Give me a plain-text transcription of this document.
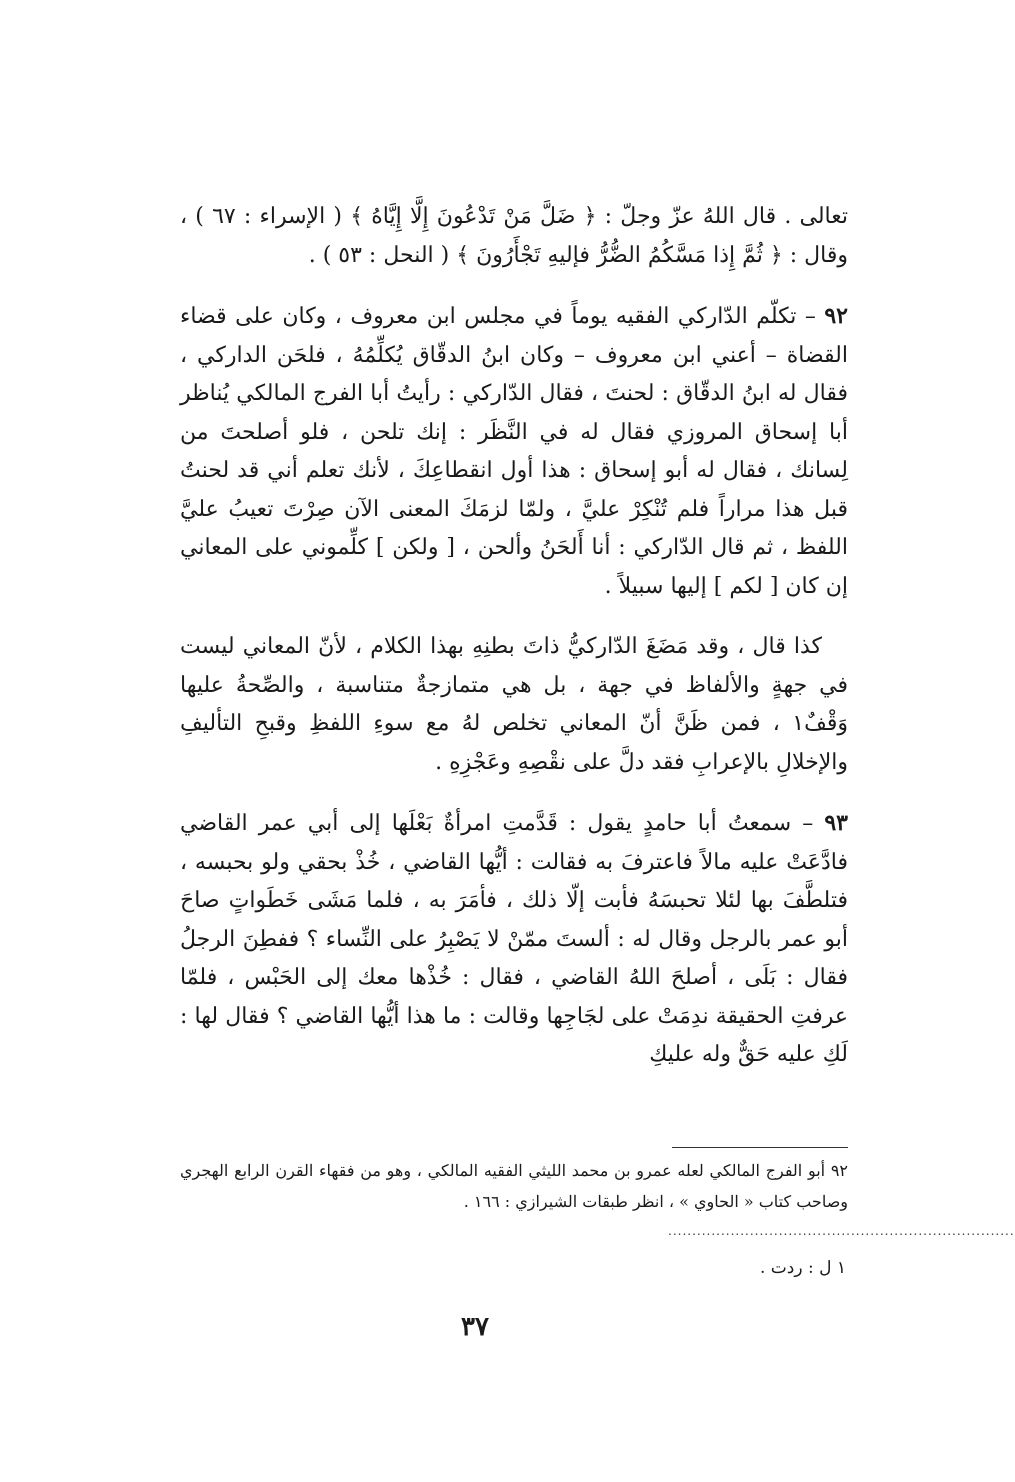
تعالى . قال اللهُ عزّ وجلّ : ﴿ ضَلَّ مَنْ تَدْعُونَ إِلَّا إِيَّاهُ ﴾ ( الإسراء : ٦٧ ) ، وقال : ﴿ ثُمَّ إِذا مَسَّكُمُ الضُّرُّ فإليهِ تَجْأَرُونَ ﴾ ( النحل : ٥٣ ) .

٩٢ – تكلّم الدّاركي الفقيه يوماً في مجلس ابن معروف ، وكان على قضاء القضاة – أعني ابن معروف – وكان ابنُ الدقّاق يُكلِّمُهُ ، فلحَن الداركي ، فقال له ابنُ الدقّاق : لحنتَ ، فقال الدّاركي : رأيتُ أبا الفرج المالكي يُناظر أبا إسحاق المروزي فقال له في النَّظَر : إنك تلحن ، فلو أصلحتَ من لِسانك ، فقال له أبو إسحاق : هذا أول انقطاعِكَ ، لأنك تعلم أني قد لحنتُ قبل هذا مراراً فلم تُنْكِرْ عليَّ ، ولمّا لزمَكَ المعنى الآن صِرْتَ تعيبُ عليَّ اللفظ ، ثم قال الدّاركي : أنا أَلحَنُ وألحن ، [ ولكن ] كلِّموني على المعاني إن كان [ لكم ] إليها سبيلاً .

كذا قال ، وقد مَضَغَ الدّاركيُّ ذاتَ بطنِهِ بهذا الكلام ، لأنّ المعاني ليست في جهةٍ والألفاظ في جهة ، بل هي متمازجةٌ متناسبة ، والصِّحةُ عليها وَقْفٌ١ ، فمن ظَنَّ أنّ المعاني تخلص لهُ مع سوءِ اللفظِ وقبحِ التأليفِ والإخلالِ بالإعرابِ فقد دلَّ على نقْصِهِ وعَجْزِهِ .

٩٣ – سمعتُ أبا حامدٍ يقول : قَدَّمتِ امرأةٌ بَعْلَها إلى أبي عمر القاضي فادَّعَتْ عليه مالاً فاعترفَ به فقالت : أيُّها القاضي ، خُذْ بحقي ولو بحبسه ، فتلطَّفَ بها لئلا تحبسَهُ فأبت إلّا ذلك ، فأمَرَ به ، فلما مَشَى خَطَواتٍ صاحَ أبو عمر بالرجل وقال له : ألستَ ممّنْ لا يَصْبِرُ على النِّساء ؟ ففطِنَ الرجلُ فقال : بَلَى ، أصلحَ اللهُ القاضي ، فقال : خُذْها معك إلى الحَبْس ، فلمّا عرفتِ الحقيقة ندِمَتْ على لجَاجِها وقالت : ما هذا أيُّها القاضي ؟ فقال لها : لَكِ عليه حَقٌّ وله عليكِ

٩٢ أبو الفرج المالكي لعله عمرو بن محمد الليثي الفقيه المالكي ، وهو من فقهاء القرن الرابع الهجري وصاحب كتاب « الحاوي » ، انظر طبقات الشيرازي : ١٦٦ .

........................................................................

١ ل : ردت .

٣٧
